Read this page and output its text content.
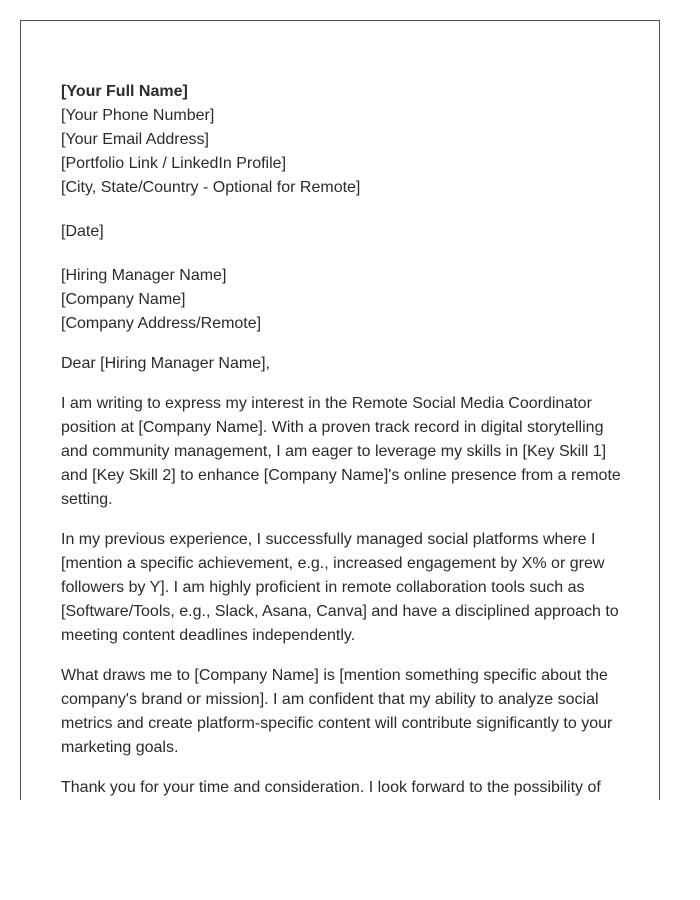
[Your Full Name]
[Your Phone Number]
[Your Email Address]
[Portfolio Link / LinkedIn Profile]
[City, State/Country - Optional for Remote]
[Date]
[Hiring Manager Name]
[Company Name]
[Company Address/Remote]
Dear [Hiring Manager Name],

I am writing to express my interest in the Remote Social Media Coordinator
position at [Company Name]. With a proven track record in digital storytelling
and community management, I am eager to leverage my skills in [Key Skill 1]
and [Key Skill 2] to enhance [Company Name]'s online presence from a remote
setting.

In my previous experience, I successfully managed social platforms where I
[mention a specific achievement, e.g., increased engagement by X% or grew
followers by Y]. I am highly proficient in remote collaboration tools such as
[Software/Tools, e.g., Slack, Asana, Canva] and have a disciplined approach to
meeting content deadlines independently.

What draws me to [Company Name] is [mention something specific about the
company's brand or mission]. I am confident that my ability to analyze social
metrics and create platform-specific content will contribute significantly to your
marketing goals.

Thank you for your time and consideration. I look forward to the possibility of
